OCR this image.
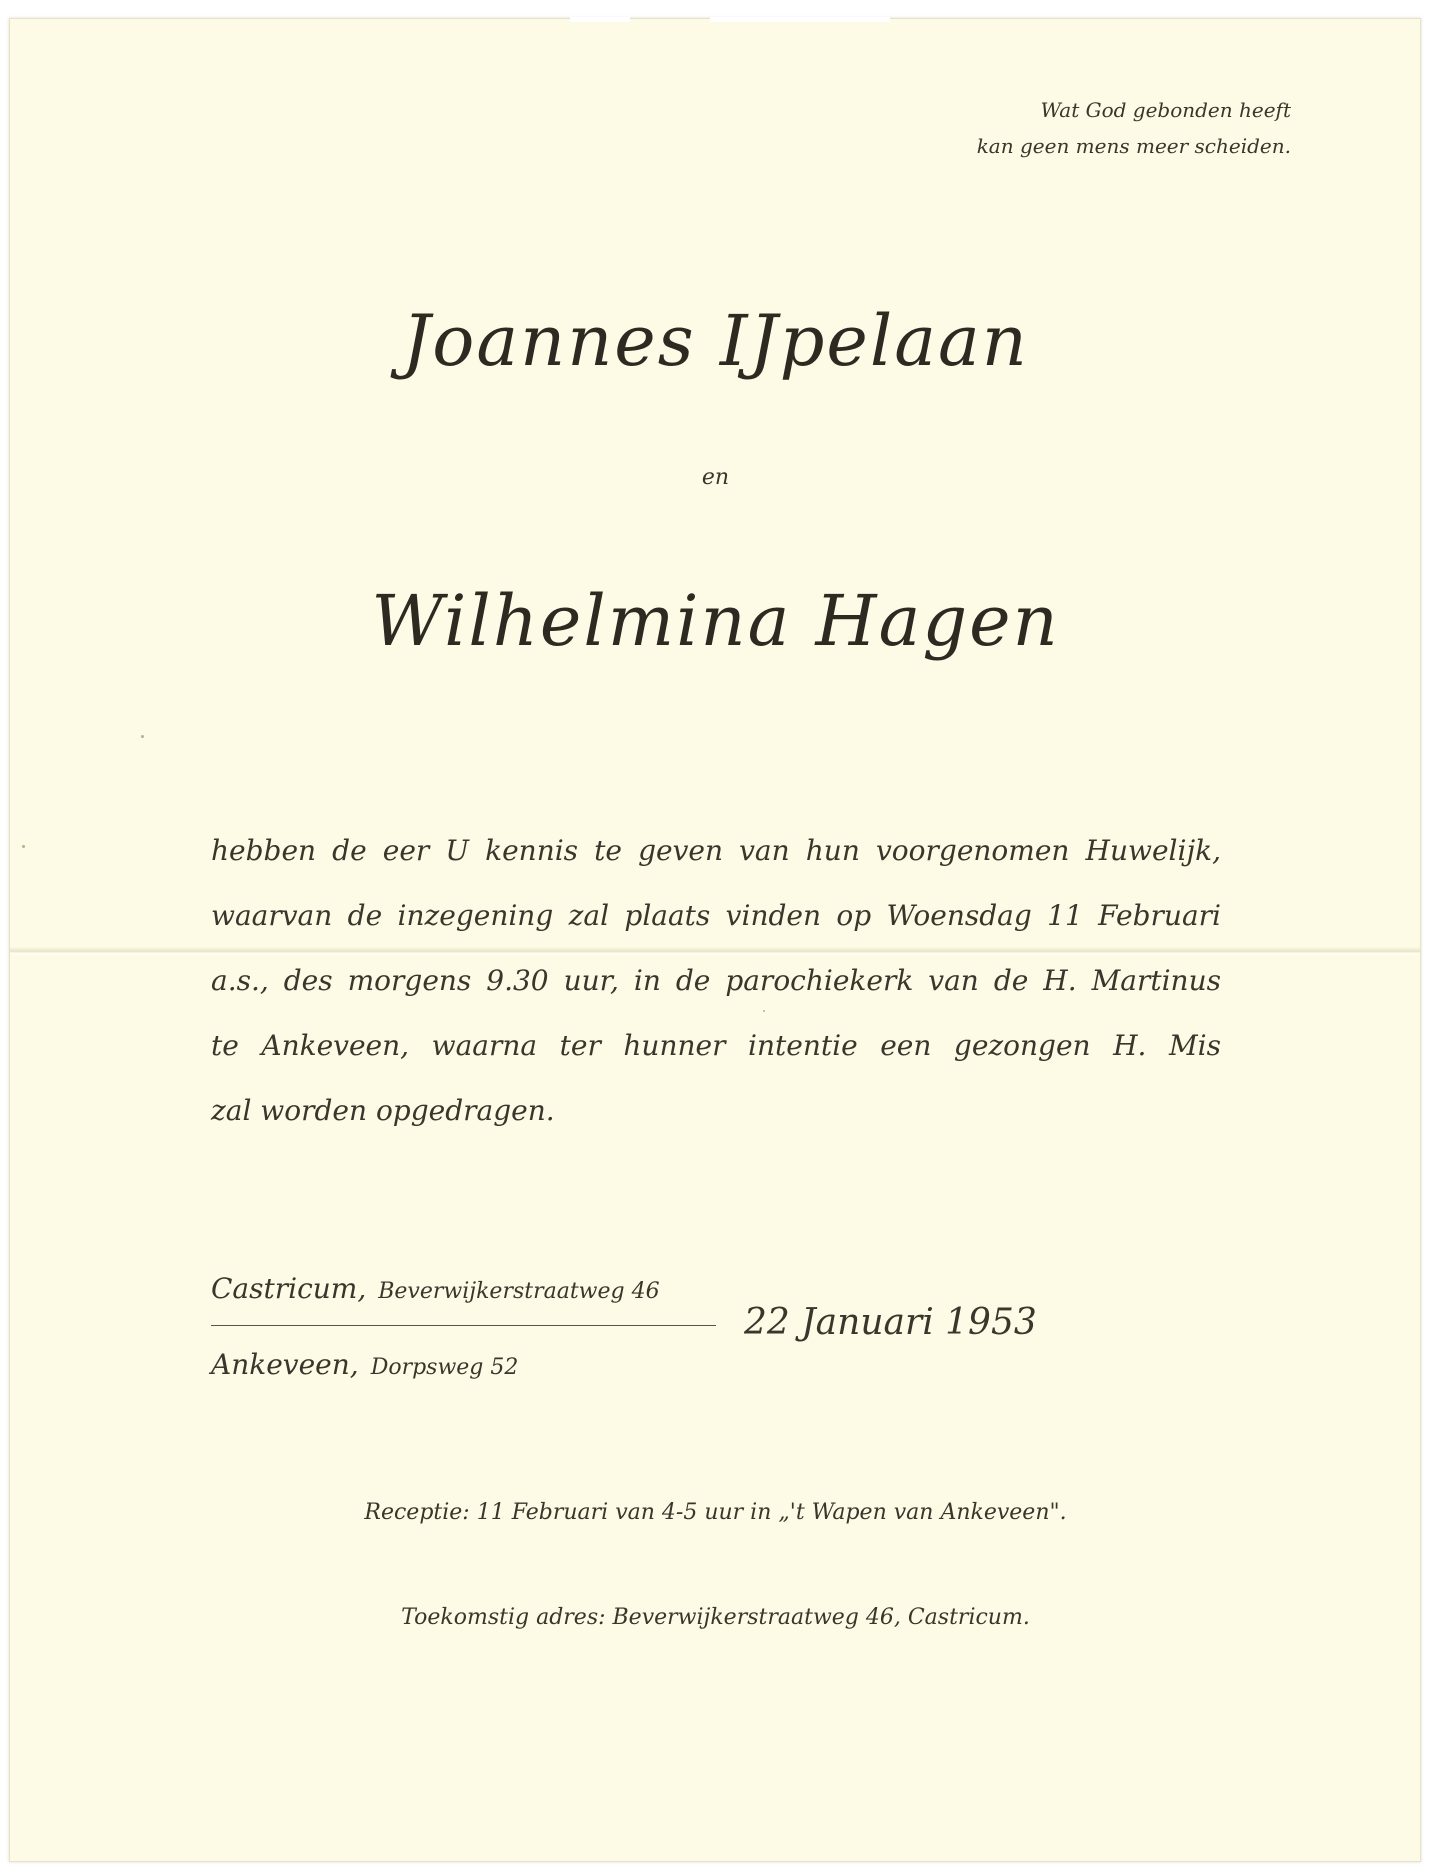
Wat God gebonden heeft
kan geen mens meer scheiden.
Joannes IJpelaan
en
Wilhelmina Hagen
hebben de eer U kennis te geven van hun voorgenomen Huwelijk,
waarvan de inzegening zal plaats vinden op Woensdag 11 Februari
a.s., des morgens 9.30 uur, in de parochiekerk van de H. Martinus
te Ankeveen, waarna ter hunner intentie een gezongen H. Mis
zal worden opgedragen.
Castricum, Beverwijkerstraatweg 46
Ankeveen, Dorpsweg 52
22 Januari 1953
Receptie: 11 Februari van 4-5 uur in „'t Wapen van Ankeveen".
Toekomstig adres: Beverwijkerstraatweg 46, Castricum.
